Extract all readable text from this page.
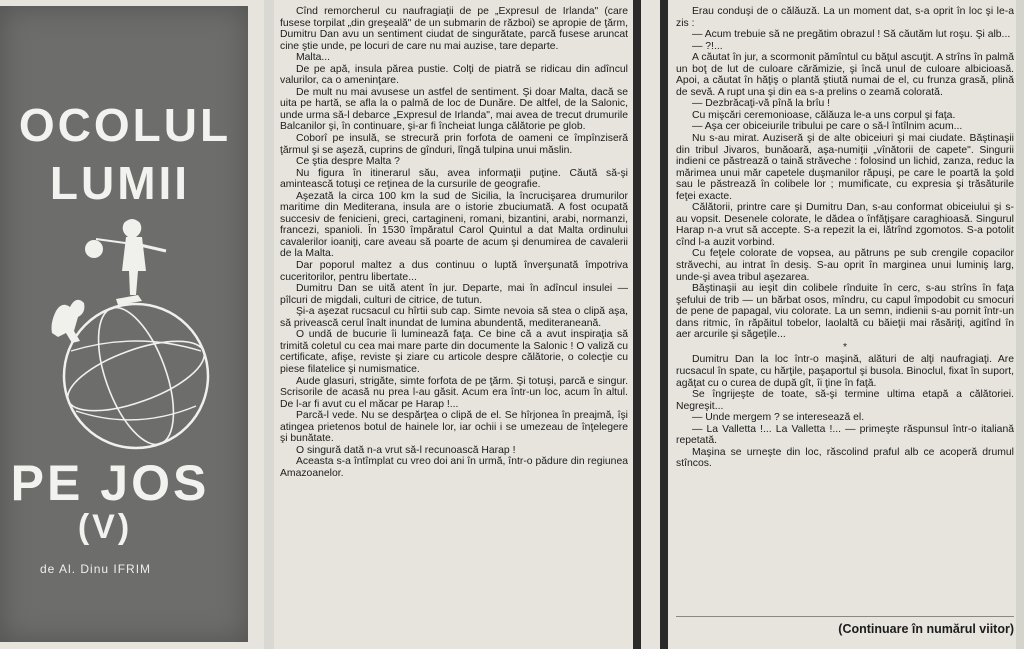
OCOLUL
LUMII
PE JOS
(V)
de Al. Dinu IFRIM

Cînd remorcherul cu naufragiaţii de pe „Expresul de Irlanda" (care fusese torpilat „din greşeală" de un submarin de război) se apropie de ţărm, Dumitru Dan avu un sentiment ciudat de singurătate, parcă fusese aruncat cine ştie unde, pe locuri de care nu mai auzise, tare departe.

Malta...

De pe apă, insula părea pustie. Colţi de piatră se ridicau din adîncul valurilor, ca o ameninţare.

De mult nu mai avusese un astfel de sentiment. Şi doar Malta, dacă se uita pe hartă, se afla la o palmă de loc de Dunăre. De altfel, de la Salonic, unde urma să-l debarce „Expresul de Irlanda", mai avea de trecut drumurile Balcanilor şi, în continuare, şi-ar fi încheiat lunga călătorie pe glob.

Coborî pe insulă, se strecură prin forfota de oameni ce împînziseră ţărmul şi se aşeză, cuprins de gînduri, lîngă tulpina unui măslin.

Ce ştia despre Malta ?

Nu figura în itinerarul său, avea informaţii puţine. Căută să-şi amintească totuşi ce reţinea de la cursurile de geografie.

Aşezată la circa 100 km la sud de Sicilia, la încrucişarea drumurilor maritime din Mediterana, insula are o istorie zbuciumată. A fost ocupată succesiv de fenicieni, greci, cartagineni, romani, bizantini, arabi, normanzi, francezi, spanioli. În 1530 împăratul Carol Quintul a dat Malta ordinului cavalerilor ioaniţi, care aveau să poarte de acum şi denumirea de cavalerii de la Malta.

Dar poporul maltez a dus continuu o luptă înverşunată împotriva cuceritorilor, pentru libertate...

Dumitru Dan se uită atent în jur. Departe, mai în adîncul insulei — pîlcuri de migdali, culturi de citrice, de tutun.

Şi-a aşezat rucsacul cu hîrtii sub cap. Simte nevoia să stea o clipă aşa, să privească cerul înalt inundat de lumina abundentă, mediteraneană.

O undă de bucurie îi luminează faţa. Ce bine că a avut inspiraţia să trimită coletul cu cea mai mare parte din documente la Salonic ! O valiză cu certificate, afişe, reviste şi ziare cu articole despre călătorie, o colecţie cu piese filatelice şi numismatice.

Aude glasuri, strigăte, simte forfota de pe ţărm. Şi totuşi, parcă e singur. Scrisorile de acasă nu prea l-au găsit. Acum era într-un loc, acum în altul. De l-ar fi avut cu el măcar pe Harap !...

Parcă-l vede. Nu se despărţea o clipă de el. Se hîrjonea în preajmă, îşi atingea prietenos botul de hainele lor, iar ochii i se umezeau de înţelegere şi bunătate.

O singură dată n-a vrut să-l recunoască Harap !

Aceasta s-a întîmplat cu vreo doi ani în urmă, într-o pădure din regiunea Amazoanelor.

Erau conduşi de o călăuză. La un moment dat, s-a oprit în loc şi le-a zis :

— Acum trebuie să ne pregătim obrazul ! Să căutăm lut roşu. Şi alb...

— ?!...

A căutat în jur, a scormonit pămîntul cu băţul ascuţit. A strîns în palmă un boţ de lut de culoare cărămizie, şi încă unul de culoare albicioasă. Apoi, a căutat în hăţiş o plantă ştiută numai de el, cu frunza grasă, plină de sevă. A rupt una şi din ea s-a prelins o zeamă colorată.

— Dezbrăcaţi-vă pînă la brîu !

Cu mişcări ceremonioase, călăuza le-a uns corpul şi faţa.

— Aşa cer obiceiurile tribului pe care o să-l întîlnim acum...

Nu s-au mirat. Auziseră şi de alte obiceiuri şi mai ciudate. Băştinaşii din tribul Jivaros, bunăoară, aşa-numiţii „vînătorii de capete". Singurii indieni ce păstrează o taină străveche : folosind un lichid, zanza, reduc la mărimea unui măr capetele duşmanilor răpuşi, pe care le poartă la şold sau le păstrează în colibele lor ; mumificate, cu expresia şi trăsăturile feţei exacte.

Călătorii, printre care şi Dumitru Dan, s-au conformat obiceiului şi s-au vopsit. Desenele colorate, le dădea o înfăţişare caraghioasă. Singurul Harap n-a vrut să accepte. S-a repezit la ei, lătrînd zgomotos. S-a potolit cînd l-a auzit vorbind.

Cu feţele colorate de vopsea, au pătruns pe sub crengile copacilor străvechi, au intrat în desiş. S-au oprit în marginea unui luminiş larg, unde-şi avea tribul aşezarea.

Băştinaşii au ieşit din colibele rînduite în cerc, s-au strîns în faţa şefului de trib — un bărbat osos, mîndru, cu capul împodobit cu smocuri de pene de papagal, viu colorate. La un semn, indienii s-au pornit într-un dans ritmic, în răpăitul tobelor, laolaltă cu băieţii mai răsăriţi, agitînd în aer arcurile şi săgeţile...

*

Dumitru Dan la loc într-o maşină, alături de alţi naufragiaţi. Are rucsacul în spate, cu hărţile, paşaportul şi busola. Binoclul, fixat în suport, agăţat cu o curea de după gît, îi ţine în faţă.

Se îngrijeşte de toate, să-şi termine ultima etapă a călătoriei. Negreşit...

— Unde mergem ? se interesează el.

— La Valletta !... La Valletta !... — primeşte răspunsul într-o italiană repetată.

Maşina se urneşte din loc, răscolind praful alb ce acoperă drumul stîncos.

(Continuare în numărul viitor)
